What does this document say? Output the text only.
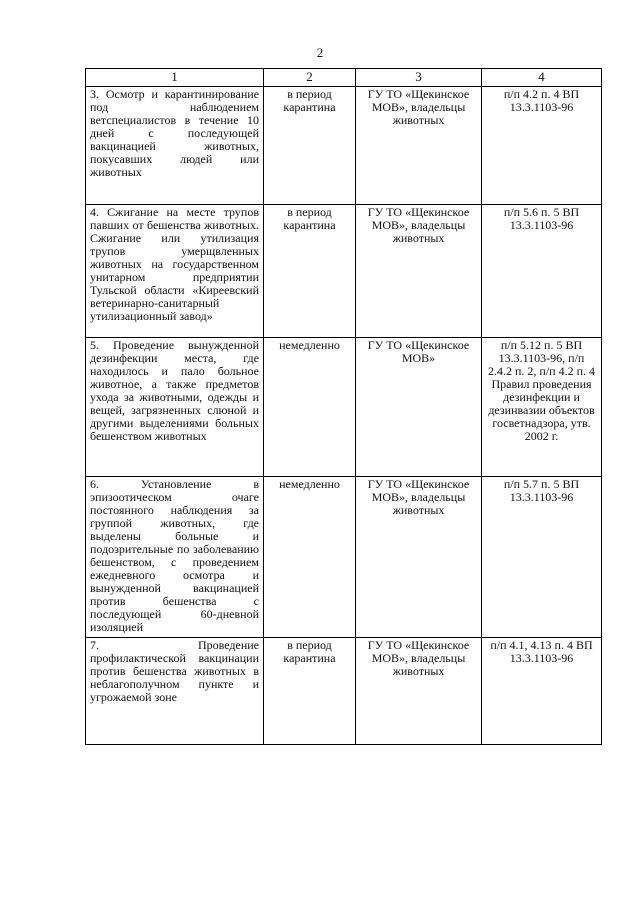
2
1	2	3	4
3. Осмотр и карантинирование под наблюдением ветспециалистов в течение 10 дней с последующей вакцинацией животных, покусавших людей или животных	в период карантина	ГУ ТО «Щекинское МОВ», владельцы животных	п/п 4.2 п. 4 ВП 13.3.1103-96
4. Сжигание на месте трупов павших от бешенства животных. Сжигание или утилизация трупов умерщвленных животных на государственном унитарном предприятии Тульской области «Киреевский ветеринарно-санитарный утилизационный завод»	в период карантина	ГУ ТО «Щекинское МОВ», владельцы животных	п/п 5.6 п. 5 ВП 13.3.1103-96
5. Проведение вынужденной дезинфекции места, где находилось и пало больное животное, а также предметов ухода за животными, одежды и вещей, загрязненных слюной и другими выделениями больных бешенством животных	немедленно	ГУ ТО «Щекинское МОВ»	п/п 5.12 п. 5 ВП 13.3.1103-96, п/п 2.4.2 п. 2, п/п 4.2 п. 4 Правил проведения дезинфекции и дезинвазии объектов госветнадзора, утв. 2002 г.
6. Установление в эпизоотическом очаге постоянного наблюдения за группой животных, где выделены больные и подозрительные по заболеванию бешенством, с проведением ежедневного осмотра и вынужденной вакцинацией против бешенства с последующей 60-дневной изоляцией	немедленно	ГУ ТО «Щекинское МОВ», владельцы животных	п/п 5.7 п. 5 ВП 13.3.1103-96
7. Проведение профилактической вакцинации против бешенства животных в неблагополучном пункте и угрожаемой зоне	в период карантина	ГУ ТО «Щекинское МОВ», владельцы животных	п/п 4.1, 4.13 п. 4 ВП 13.3.1103-96
